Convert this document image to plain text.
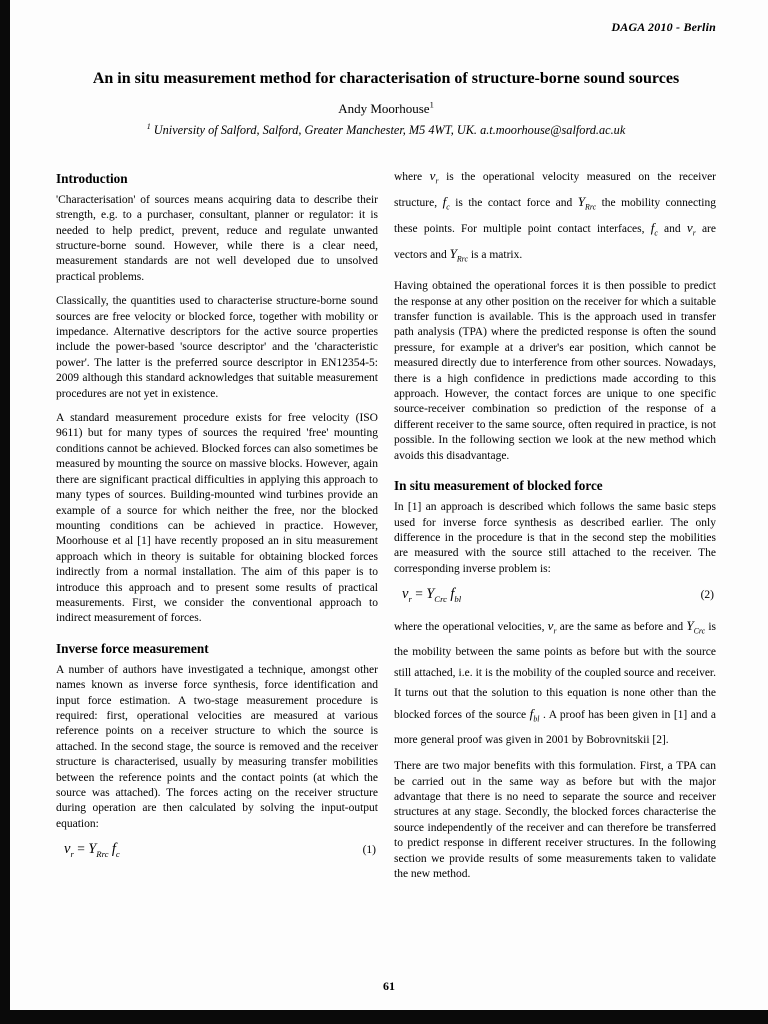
DAGA 2010 - Berlin
An in situ measurement method for characterisation of structure-borne sound sources
Andy Moorhouse$^1$
$^1$ University of Salford, Salford, Greater Manchester, M5 4WT, UK. a.t.moorhouse@salford.ac.uk
Introduction

'Characterisation' of sources means acquiring data to describe their strength, e.g. to a purchaser, consultant, planner or regulator: it is needed to help predict, prevent, reduce and regulate unwanted structure-borne sound. However, while there is a clear need, measurement standards are not well developed due to unsolved practical problems.

Classically, the quantities used to characterise structure-borne sound sources are free velocity or blocked force, together with mobility or impedance. Alternative descriptors for the active source properties include the power-based 'source descriptor' and the 'characteristic power'. The latter is the preferred source descriptor in EN12354-5: 2009 although this standard acknowledges that suitable measurement procedures are not yet in existence.

A standard measurement procedure exists for free velocity (ISO 9611) but for many types of sources the required 'free' mounting conditions cannot be achieved. Blocked forces can also sometimes be measured by mounting the source on massive blocks. However, again there are significant practical difficulties in applying this approach to many types of sources. Building-mounted wind turbines provide an example of a source for which neither the free, nor the blocked mounting conditions can be achieved in practice. However, Moorhouse et al [1] have recently proposed an in situ measurement approach which in theory is suitable for obtaining blocked forces indirectly from a normal installation. The aim of this paper is to introduce this approach and to present some results of practical measurements. First, we consider the conventional approach to indirect measurement of forces.

Inverse force measurement

A number of authors have investigated a technique, amongst other names known as inverse force synthesis, force identification and input force estimation. A two-stage measurement procedure is required: first, operational velocities are measured at various reference points on a receiver structure to which the source is attached. In the second stage, the source is removed and the receiver structure is characterised, usually by measuring transfer mobilities between the reference points and the contact points (at which the source was attached). The forces acting on the receiver structure during operation are then calculated by solving the input-output equation:

$v_r = Y_{Rrc}$ $f_c$	(1)

where $v_r$ is the operational velocity measured on the receiver structure, $f_c$ is the contact force and $Y_{Rrc}$ the mobility connecting these points. For multiple point contact interfaces, $f_c$ and $v_r$ are vectors and $Y_{Rrc}$ is a matrix.

Having obtained the operational forces it is then possible to predict the response at any other position on the receiver for which a suitable transfer function is available. This is the approach used in transfer path analysis (TPA) where the predicted response is often the sound pressure, for example at a driver's ear position, which cannot be measured directly due to interference from other sources. Nowadays, there is a high confidence in predictions made according to this approach. However, the contact forces are unique to one specific source-receiver combination so prediction of the response of a different receiver to the same source, often required in practice, is not possible. In the following section we look at the new method which avoids this disadvantage.

In situ measurement of blocked force

In [1] an approach is described which follows the same basic steps used for inverse force synthesis as described earlier. The only difference in the procedure is that in the second step the mobilities are measured with the source still attached to the receiver. The corresponding inverse problem is:

$v_r = Y_{Crc}$ $f_{bl}$	(2)

where the operational velocities, $v_r$ are the same as before and $Y_{Crc}$ is the mobility between the same points as before but with the source still attached, i.e. it is the mobility of the coupled source and receiver. It turns out that the solution to this equation is none other than the blocked forces of the source $f_{bl}$ . A proof has been given in [1] and a more general proof was given in 2001 by Bobrovnitskii [2].

There are two major benefits with this formulation. First, a TPA can be carried out in the same way as before but with the major advantage that there is no need to separate the source and receiver structures at any stage. Secondly, the blocked forces characterise the source independently of the receiver and can therefore be transferred to predict response in different receiver structures. In the following section we provide results of some measurements taken to validate the new method.

61
